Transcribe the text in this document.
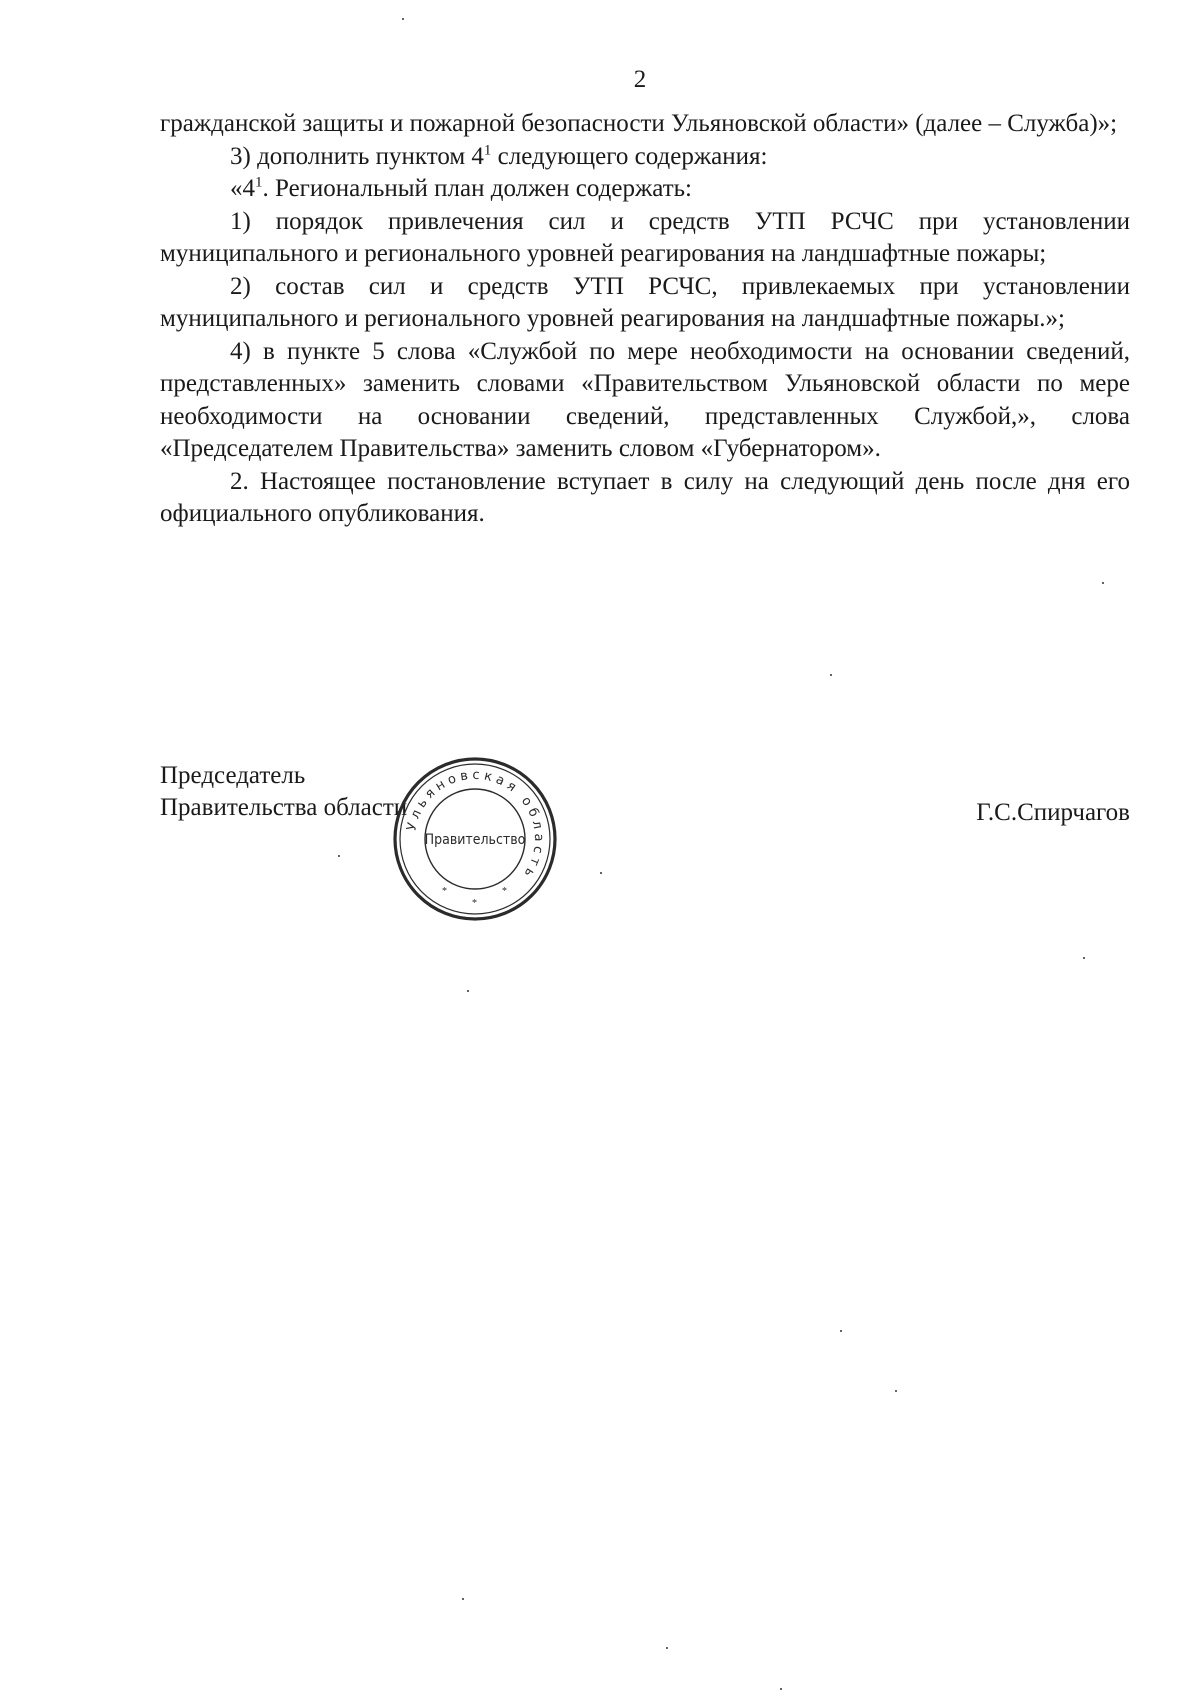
2

гражданской защиты и пожарной безопасности Ульяновской области» (далее – Служба)»;

3) дополнить пунктом $4^1$ следующего содержания:

«$4^1$. Региональный план должен содержать:

1) порядок привлечения сил и средств УТП РСЧС при установлении муниципального и регионального уровней реагирования на ландшафтные пожары;

2) состав сил и средств УТП РСЧС, привлекаемых при установлении муниципального и регионального уровней реагирования на ландшафтные пожары.»;

4) в пункте 5 слова «Службой по мере необходимости на основании сведений, представленных» заменить словами «Правительством Ульяновской области по мере необходимости на основании сведений, представленных Службой,», слова «Председателем Правительства» заменить словом «Губернатором».

2. Настоящее постановление вступает в силу на следующий день после дня его официального опубликования.

Председатель
Правительства области
Ульяновская область
Правительство
*	*
*
Г.С.Спирчагов
